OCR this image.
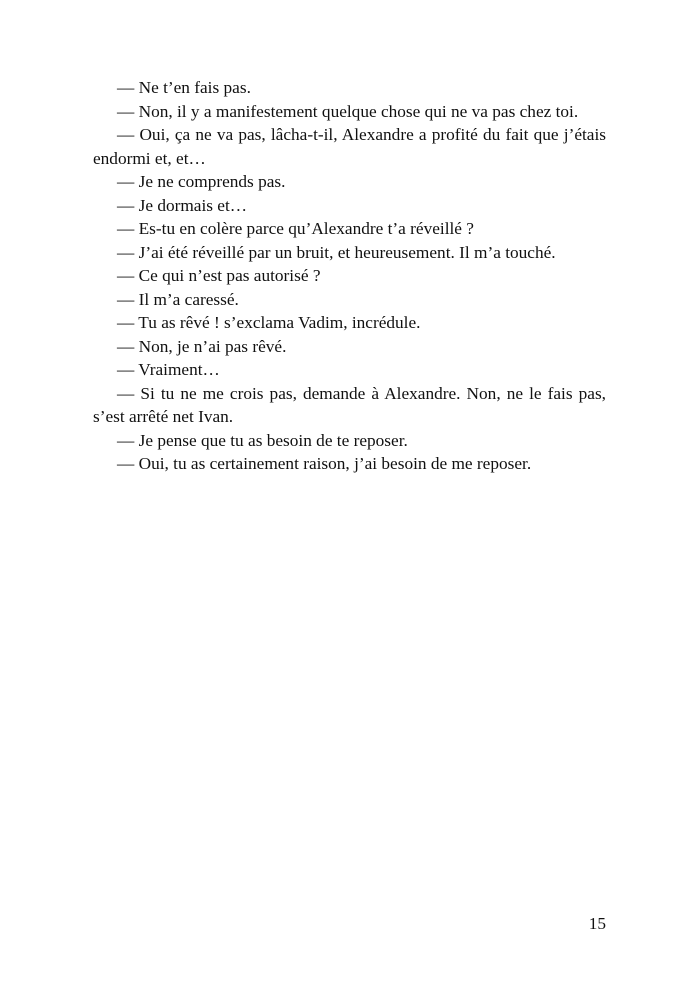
— Ne t’en fais pas.

— Non, il y a manifestement quelque chose qui ne va pas chez toi.

— Oui, ça ne va pas, lâcha-t-il, Alexandre a profité du fait que j’étais endormi et, et…

— Je ne comprends pas.

— Je dormais et…

— Es-tu en colère parce qu’Alexandre t’a réveillé ?

— J’ai été réveillé par un bruit, et heureusement. Il m’a touché.

— Ce qui n’est pas autorisé ?

— Il m’a caressé.

— Tu as rêvé ! s’exclama Vadim, incrédule.

— Non, je n’ai pas rêvé.

— Vraiment…

— Si tu ne me crois pas, demande à Alexandre. Non, ne le fais pas, s’est arrêté net Ivan.

— Je pense que tu as besoin de te reposer.

— Oui, tu as certainement raison, j’ai besoin de me reposer.

15
